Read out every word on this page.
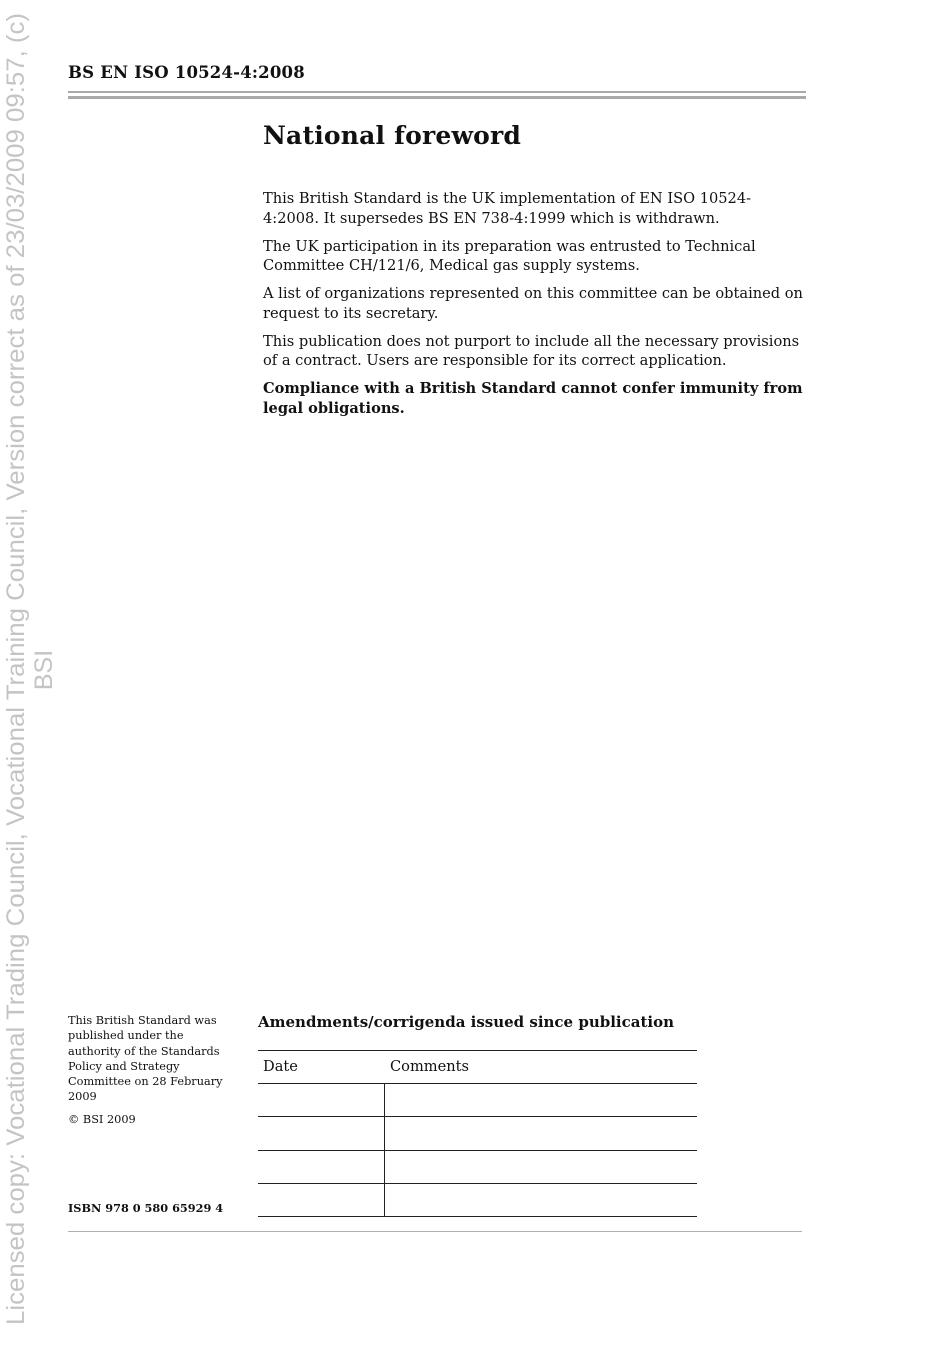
Licensed copy: Vocational Trading Council, Vocational Training Council, Version correct as of 23/03/2009 09:57, (c) BSI
BS EN ISO 10524-4:2008
National foreword

This British Standard is the UK implementation of EN ISO 10524-4:2008. It supersedes BS EN 738-4:1999 which is withdrawn.

The UK participation in its preparation was entrusted to Technical Committee CH/121/6, Medical gas supply systems.

A list of organizations represented on this committee can be obtained on request to its secretary.

This publication does not purport to include all the necessary provisions of a contract. Users are responsible for its correct application.

Compliance with a British Standard cannot confer immunity from legal obligations.

This British Standard was published under the authority of the Standards Policy and Strategy Committee on 28 February 2009

© BSI 2009
ISBN 978 0 580 65929 4
Amendments/corrigenda issued since publication
Date	Comments
